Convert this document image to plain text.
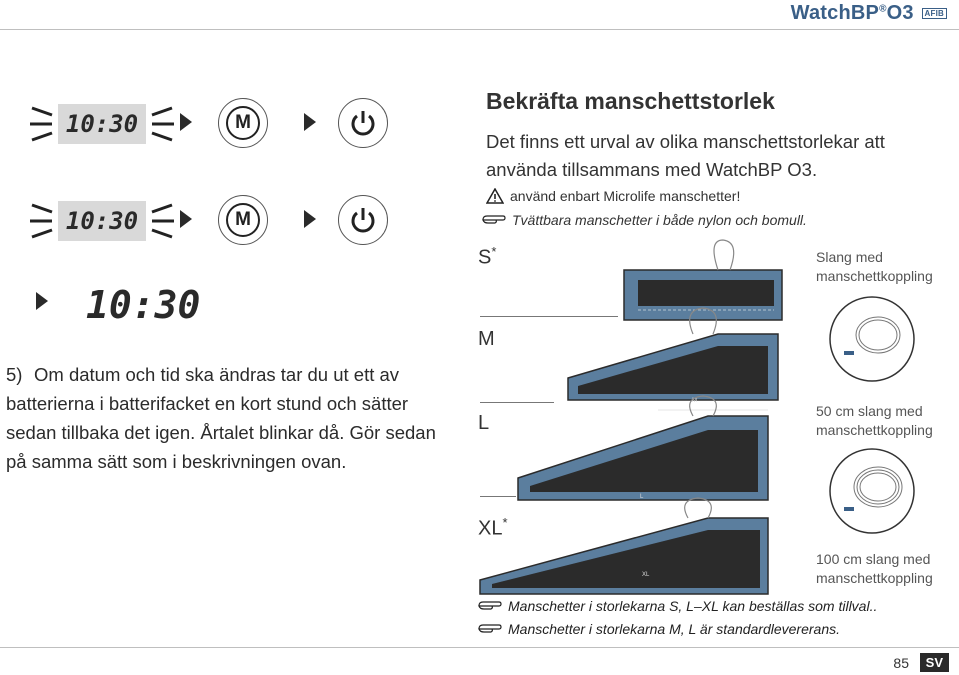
WatchBP®O3 AFIB
10:30	M
10:30	M
10:30
5) Om datum och tid ska ändras tar du ut ett av batterierna i batterifacket en kort stund och sätter sedan tillbaka det igen. Årtalet blinkar då. Gör sedan på samma sätt som i beskrivningen ovan.
Bekräfta manschettstorlek
Det finns ett urval av olika manschettstorlekar att använda tillsammans med WatchBP O3.
använd enbart Microlife manschetter!
Tvättbara manschetter i både nylon och bomull.
S*
M
L
XL*
M
L
XL
Slang med manschettkoppling
50 cm slang med manschettkoppling
100 cm slang med manschettkoppling
Manschetter i storlekarna S, L–XL kan beställas som tillval..
Manschetter i storlekarna M, L är standardlevererans.
85	SV
